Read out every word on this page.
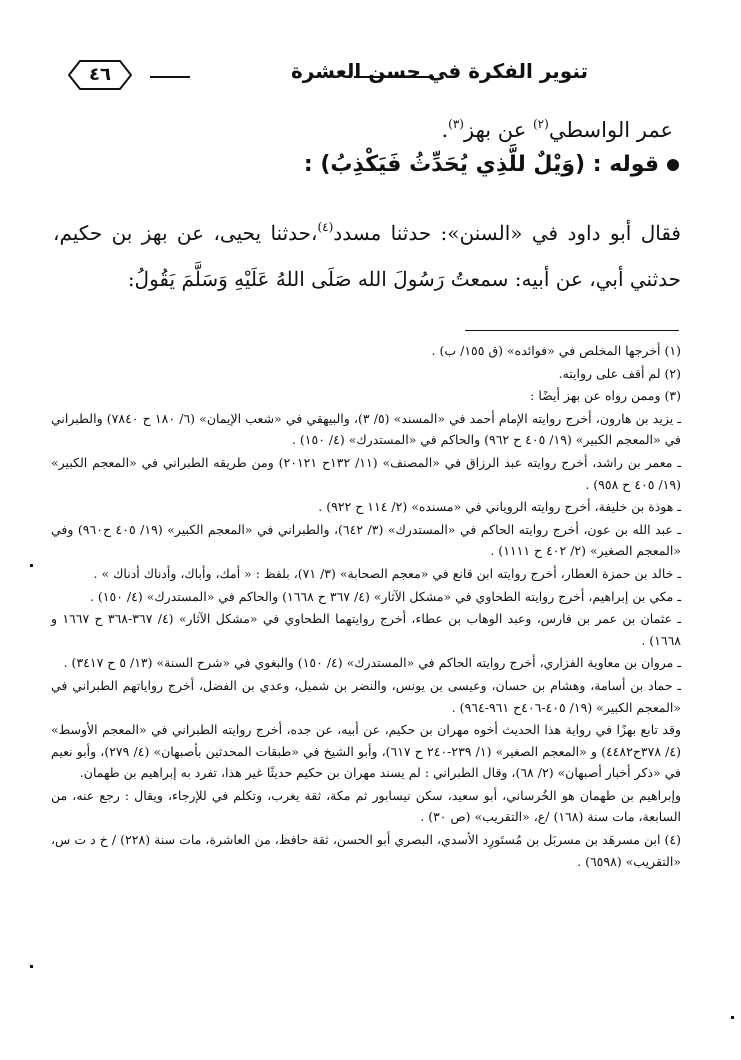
تنوير الفكرة في حسن العشرة
٤٦
عمر الواسطي$^{(٢)}$ عن بهز$^{(٣)}$.
قوله : (وَيْلٌ للَّذِي يُحَدِّثُ فَيَكْذِبُ) :
فقال أبو داود في «السنن»: حدثنا مسدد$^{(٤)}$،حدثنا يحيى، عن بهز بن حكيم، حدثني أبي، عن أبيه: سمعتُ رَسُولَ الله صَلَى اللهُ عَلَيْهِ وَسَلَّمَ يَقُولُ:

(١) أخرجها المخلص في «فوائده» (ق ١٥٥/ ب) .

(٢) لم أقف على روايته.

(٣) وممن رواه عن بهز أيضًا :

ـ يزيد بن هارون، أخرج روايته الإمام أحمد في «المسند» (٥/ ٣)، والبيهقي في «شعب الإيمان» (٦/ ١٨٠ ح ٧٨٤٠) والطبراني في «المعجم الكبير» (١٩/ ٤٠٥ ح ٩٦٢) والحاكم في «المستدرك» (٤/ ١٥٠) .

ـ معمر بن راشد، أخرج روايته عبد الرزاق في «المصنف» (١١/ ١٣٢ح ٢٠١٢١) ومن طريقه الطبراني في «المعجم الكبير» (١٩/ ٤٠٥ ح ٩٥٨) .

ـ هوذة بن خليفة، أخرج روايته الروياني في «مسنده» (٢/ ١١٤ ح ٩٢٢) .

ـ عبد الله بن عون، أخرج روايته الحاكم في «المستدرك» (٣/ ٦٤٢)، والطبراني في «المعجم الكبير» (١٩/ ٤٠٥ ح٩٦٠) وفي «المعجم الصغير» (٢/ ٤٠٢ ح ١١١١) .

ـ خالد بن حمزة العطار، أخرج روايته ابن قانع في «معجم الصحابة» (٣/ ٧١)، بلفظ : « أمك، وأباك، وأدناك أدناك » .

ـ مكي بن إبراهيم، أخرج روايته الطحاوي في «مشكل الآثار» (٤/ ٣٦٧ ح ١٦٦٨) والحاكم في «المستدرك» (٤/ ١٥٠) .

ـ عثمان بن عمر بن فارس، وعبد الوهاب بن عطاء، أخرج روايتهما الطحاوي في «مشكل الآثار» (٤/ ٣٦٧-٣٦٨ ح ١٦٦٧ و ١٦٦٨) .

ـ مروان بن معاوية الفزاري، أخرج روايته الحاكم في «المستدرك» (٤/ ١٥٠) والبغوي في «شرح السنة» (١٣/ ٥ ح ٣٤١٧) .

ـ حماد بن أسامة، وهشام بن حسان، وعيسى بن يونس، والنضر بن شميل، وعدي بن الفضل، أخرج رواياتهم الطبراني في «المعجم الكبير» (١٩/ ٤٠٥-٤٠٦ح ٩٦١-٩٦٤) .

وقد تابع بهزًا في رواية هذا الحديث أخوه مهران بن حكيم، عن أبيه، عن جده، أخرج روايته الطبراني في «المعجم الأوسط» (٤/ ٣٧٨ح٤٤٨٢) و «المعجم الصغير» (١/ ٢٣٩-٢٤٠ ح ٦١٧)، وأبو الشيخ في «طبقات المحدثين بأصبهان» (٤/ ٢٧٩)، وأبو نعيم في «ذكر أخبار أصبهان» (٢/ ٦٨)، وقال الطبراني : لم يسند مهران بن حكيم حديثًا غير هذا، تفرد به إبراهيم بن طهمان.

وإبراهيم بن طهمان هو الخُرساني، أبو سعيد، سكن نيسابور ثم مكة، ثقة يغرب، وتكلم في للإرجاء، ويقال : رجع عنه، من السابعة، مات سنة (١٦٨) /ع، «التقريب» (ص ٣٠) .

(٤) ابن مسرهَد بن مسربَل بن مُستَورِد الأسدي، البصري أبو الحسن، ثقة حافظ، من العاشرة، مات سنة (٢٢٨) / خ د ت س، «التقريب» (٦٥٩٨) .
